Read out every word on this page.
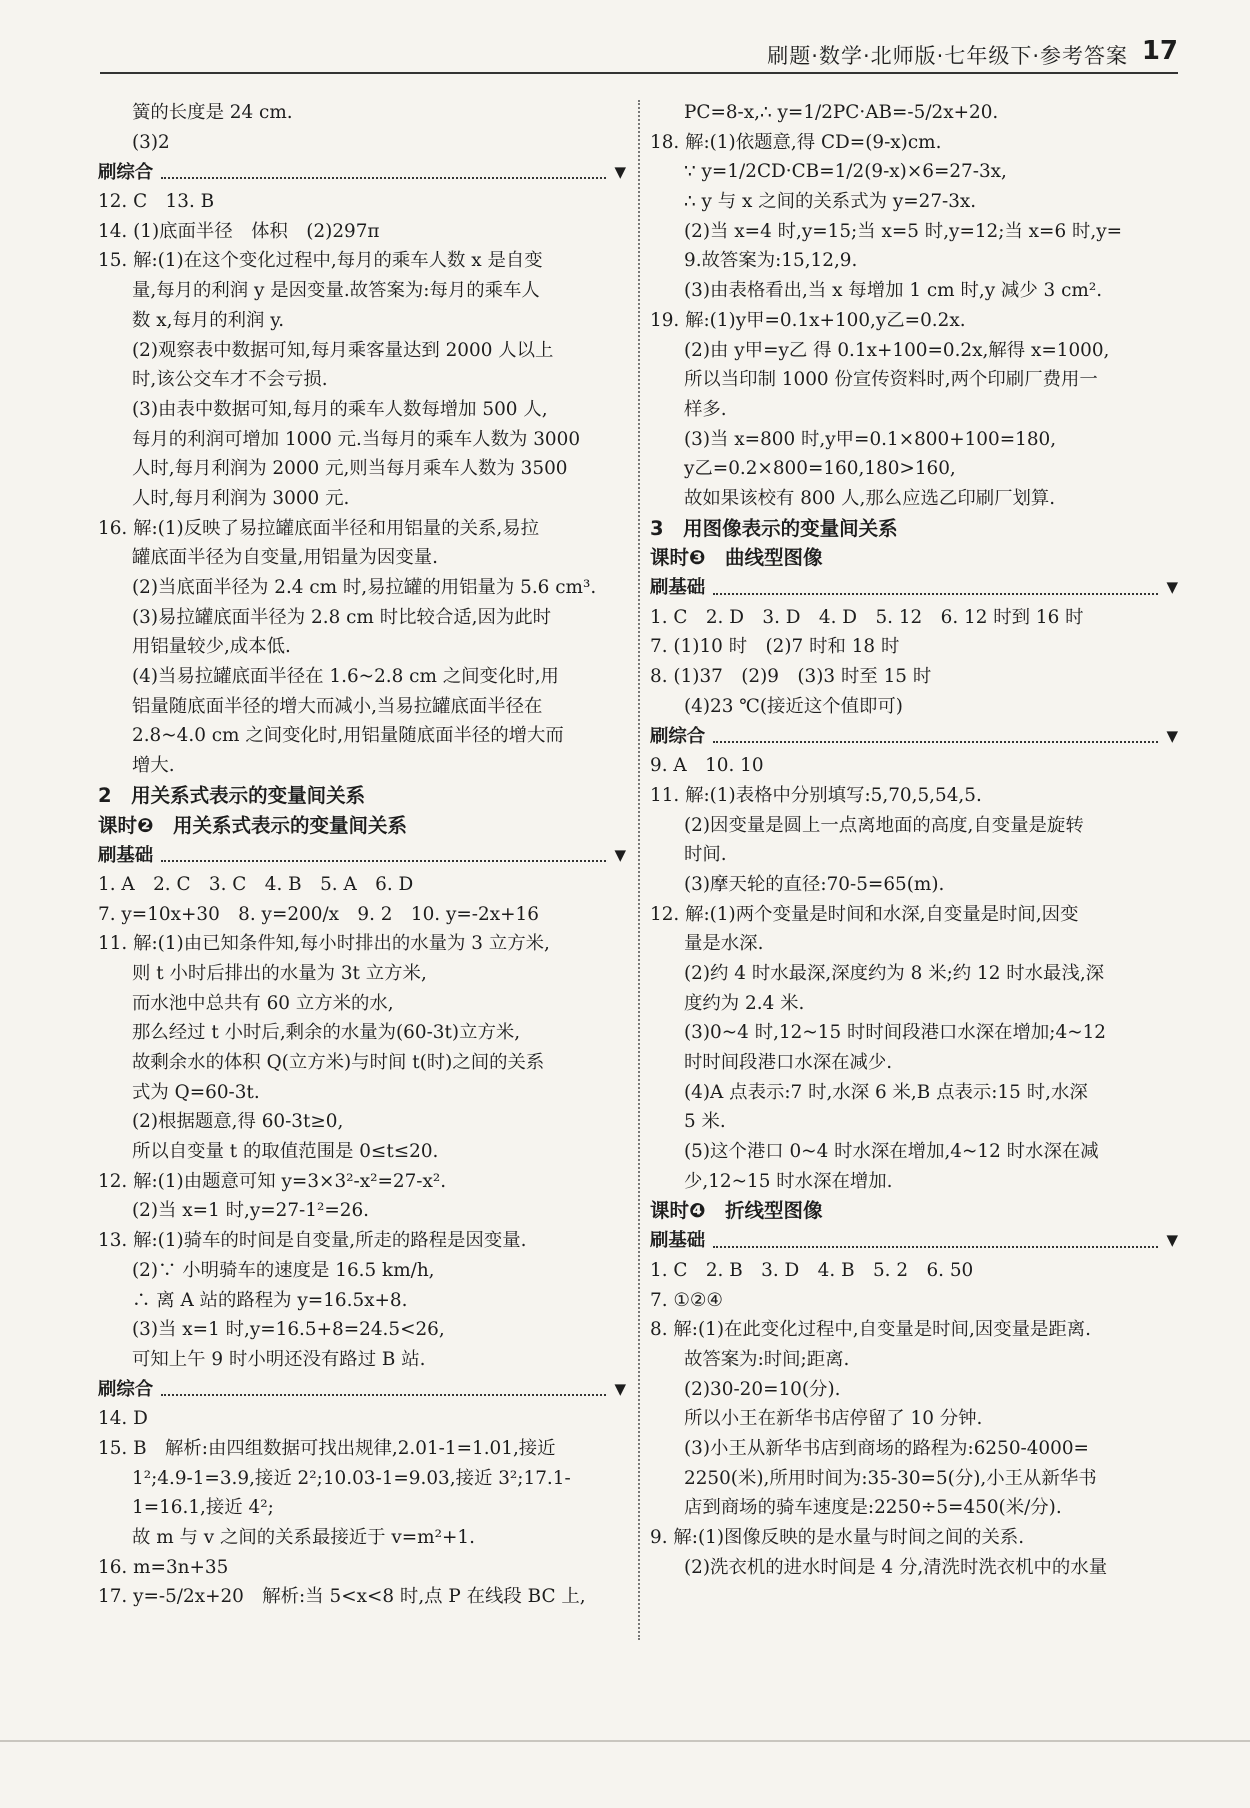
刷题·数学·北师版·七年级下·参考答案 17
簧的长度是 24 cm.
(3)2
刷综合	▼
12. C　13. B
14. (1)底面半径　体积　(2)297π
15. 解:(1)在这个变化过程中,每月的乘车人数 x 是自变
量,每月的利润 y 是因变量.故答案为:每月的乘车人
数 x,每月的利润 y.
(2)观察表中数据可知,每月乘客量达到 2000 人以上
时,该公交车才不会亏损.
(3)由表中数据可知,每月的乘车人数每增加 500 人,
每月的利润可增加 1000 元.当每月的乘车人数为 3000
人时,每月利润为 2000 元,则当每月乘车人数为 3500
人时,每月利润为 3000 元.
16. 解:(1)反映了易拉罐底面半径和用铝量的关系,易拉
罐底面半径为自变量,用铝量为因变量.
(2)当底面半径为 2.4 cm 时,易拉罐的用铝量为 5.6 cm³.
(3)易拉罐底面半径为 2.8 cm 时比较合适,因为此时
用铝量较少,成本低.
(4)当易拉罐底面半径在 1.6~2.8 cm 之间变化时,用
铝量随底面半径的增大而减小,当易拉罐底面半径在
2.8~4.0 cm 之间变化时,用铝量随底面半径的增大而
增大.
2　用关系式表示的变量间关系
课时❷　用关系式表示的变量间关系
刷基础	▼
1. A　2. C　3. C　4. B　5. A　6. D
7. y=10x+30　8. y=200/x　9. 2　10. y=-2x+16
11. 解:(1)由已知条件知,每小时排出的水量为 3 立方米,
则 t 小时后排出的水量为 3t 立方米,
而水池中总共有 60 立方米的水,
那么经过 t 小时后,剩余的水量为(60-3t)立方米,
故剩余水的体积 Q(立方米)与时间 t(时)之间的关系
式为 Q=60-3t.
(2)根据题意,得 60-3t≥0,
所以自变量 t 的取值范围是 0≤t≤20.
12. 解:(1)由题意可知 y=3×3²-x²=27-x².
(2)当 x=1 时,y=27-1²=26.
13. 解:(1)骑车的时间是自变量,所走的路程是因变量.
(2)∵ 小明骑车的速度是 16.5 km/h,
∴ 离 A 站的路程为 y=16.5x+8.
(3)当 x=1 时,y=16.5+8=24.5<26,
可知上午 9 时小明还没有路过 B 站.
刷综合	▼
14. D
15. B　解析:由四组数据可找出规律,2.01-1=1.01,接近
1²;4.9-1=3.9,接近 2²;10.03-1=9.03,接近 3²;17.1-
1=16.1,接近 4²;
故 m 与 v 之间的关系最接近于 v=m²+1.
16. m=3n+35
17. y=-5/2x+20　解析:当 5<x<8 时,点 P 在线段 BC 上,
PC=8-x,∴ y=1/2PC·AB=-5/2x+20.
18. 解:(1)依题意,得 CD=(9-x)cm.
∵ y=1/2CD·CB=1/2(9-x)×6=27-3x,
∴ y 与 x 之间的关系式为 y=27-3x.
(2)当 x=4 时,y=15;当 x=5 时,y=12;当 x=6 时,y=
9.故答案为:15,12,9.
(3)由表格看出,当 x 每增加 1 cm 时,y 减少 3 cm².
19. 解:(1)y甲=0.1x+100,y乙=0.2x.
(2)由 y甲=y乙 得 0.1x+100=0.2x,解得 x=1000,
所以当印制 1000 份宣传资料时,两个印刷厂费用一
样多.
(3)当 x=800 时,y甲=0.1×800+100=180,
y乙=0.2×800=160,180>160,
故如果该校有 800 人,那么应选乙印刷厂划算.
3　用图像表示的变量间关系
课时❸　曲线型图像
刷基础	▼
1. C　2. D　3. D　4. D　5. 12　6. 12 时到 16 时
7. (1)10 时　(2)7 时和 18 时
8. (1)37　(2)9　(3)3 时至 15 时
(4)23 ℃(接近这个值即可)
刷综合	▼
9. A　10. 10
11. 解:(1)表格中分别填写:5,70,5,54,5.
(2)因变量是圆上一点离地面的高度,自变量是旋转
时间.
(3)摩天轮的直径:70-5=65(m).
12. 解:(1)两个变量是时间和水深,自变量是时间,因变
量是水深.
(2)约 4 时水最深,深度约为 8 米;约 12 时水最浅,深
度约为 2.4 米.
(3)0~4 时,12~15 时时间段港口水深在增加;4~12
时时间段港口水深在减少.
(4)A 点表示:7 时,水深 6 米,B 点表示:15 时,水深
5 米.
(5)这个港口 0~4 时水深在增加,4~12 时水深在减
少,12~15 时水深在增加.
课时❹　折线型图像
刷基础	▼
1. C　2. B　3. D　4. B　5. 2　6. 50
7. ①②④
8. 解:(1)在此变化过程中,自变量是时间,因变量是距离.
故答案为:时间;距离.
(2)30-20=10(分).
所以小王在新华书店停留了 10 分钟.
(3)小王从新华书店到商场的路程为:6250-4000=
2250(米),所用时间为:35-30=5(分),小王从新华书
店到商场的骑车速度是:2250÷5=450(米/分).
9. 解:(1)图像反映的是水量与时间之间的关系.
(2)洗衣机的进水时间是 4 分,清洗时洗衣机中的水量
